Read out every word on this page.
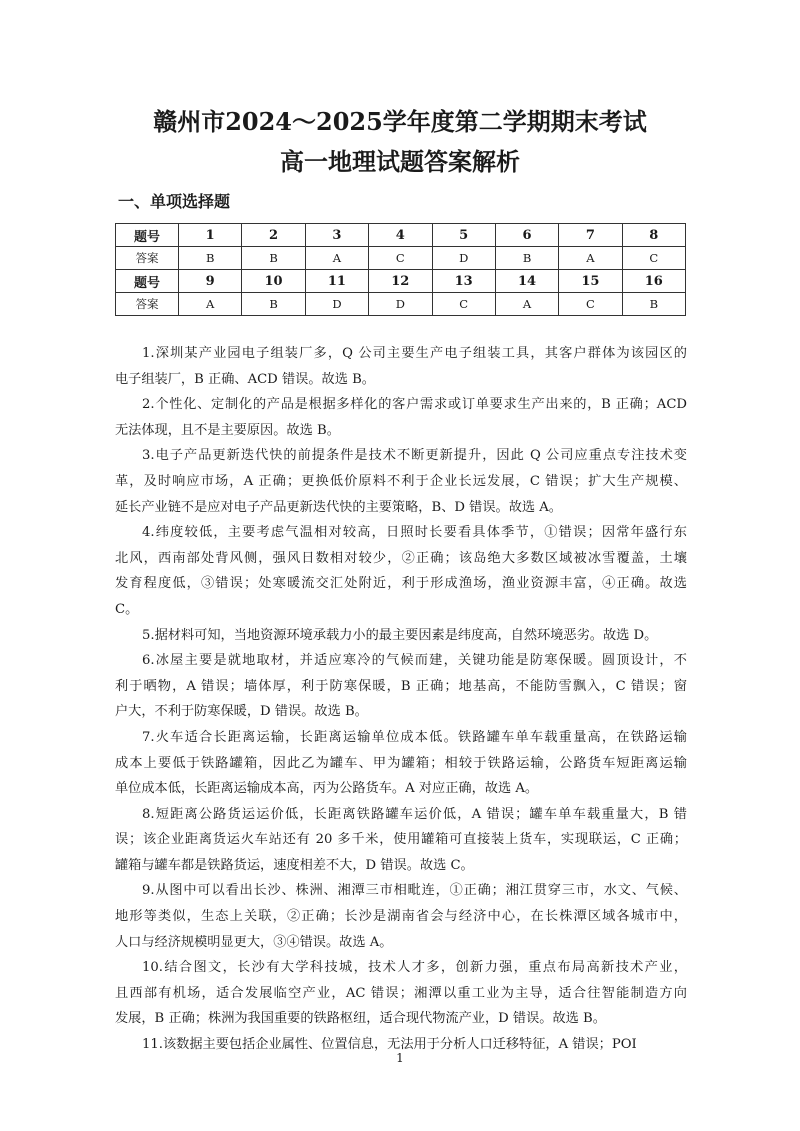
赣州市2024～2025学年度第二学期期末考试
高一地理试题答案解析
一、单项选择题
题号	1	2	3	4	5	6	7	8
答案	B	B	A	C	D	B	A	C
题号	9	10	11	12	13	14	15	16
答案	A	B	D	D	C	A	C	B
1.深圳某产业园电子组装厂多，Q 公司主要生产电子组装工具，其客户群体为该园区的
电子组装厂，B 正确、ACD 错误。故选 B。
2.个性化、定制化的产品是根据多样化的客户需求或订单要求生产出来的，B 正确；ACD
无法体现，且不是主要原因。故选 B。
3.电子产品更新迭代快的前提条件是技术不断更新提升，因此 Q 公司应重点专注技术变
革，及时响应市场，A 正确；更换低价原料不利于企业长远发展，C 错误；扩大生产规模、
延长产业链不是应对电子产品更新迭代快的主要策略，B、D 错误。故选 A。
4.纬度较低，主要考虑气温相对较高，日照时长要看具体季节，①错误；因常年盛行东
北风，西南部处背风侧，强风日数相对较少，②正确；该岛绝大多数区域被冰雪覆盖，土壤
发育程度低，③错误；处寒暖流交汇处附近，利于形成渔场，渔业资源丰富，④正确。故选
C。
5.据材料可知，当地资源环境承载力小的最主要因素是纬度高，自然环境恶劣。故选 D。
6.冰屋主要是就地取材，并适应寒冷的气候而建，关键功能是防寒保暖。圆顶设计，不
利于晒物，A 错误；墙体厚，利于防寒保暖，B 正确；地基高，不能防雪飘入，C 错误；窗
户大，不利于防寒保暖，D 错误。故选 B。
7.火车适合长距离运输，长距离运输单位成本低。铁路罐车单车载重量高，在铁路运输
成本上要低于铁路罐箱，因此乙为罐车、甲为罐箱；相较于铁路运输，公路货车短距离运输
单位成本低，长距离运输成本高，丙为公路货车。A 对应正确，故选 A。
8.短距离公路货运运价低，长距离铁路罐车运价低，A 错误；罐车单车载重量大，B 错
误；该企业距离货运火车站还有 20 多千米，使用罐箱可直接装上货车，实现联运，C 正确；
罐箱与罐车都是铁路货运，速度相差不大，D 错误。故选 C。
9.从图中可以看出长沙、株洲、湘潭三市相毗连，①正确；湘江贯穿三市，水文、气候、
地形等类似，生态上关联，②正确；长沙是湖南省会与经济中心，在长株潭区域各城市中，
人口与经济规模明显更大，③④错误。故选 A。
10.结合图文，长沙有大学科技城，技术人才多，创新力强，重点布局高新技术产业，
且西部有机场，适合发展临空产业，AC 错误；湘潭以重工业为主导，适合往智能制造方向
发展，B 正确；株洲为我国重要的铁路枢纽，适合现代物流产业，D 错误。故选 B。
11.该数据主要包括企业属性、位置信息，无法用于分析人口迁移特征，A 错误；POI
1
